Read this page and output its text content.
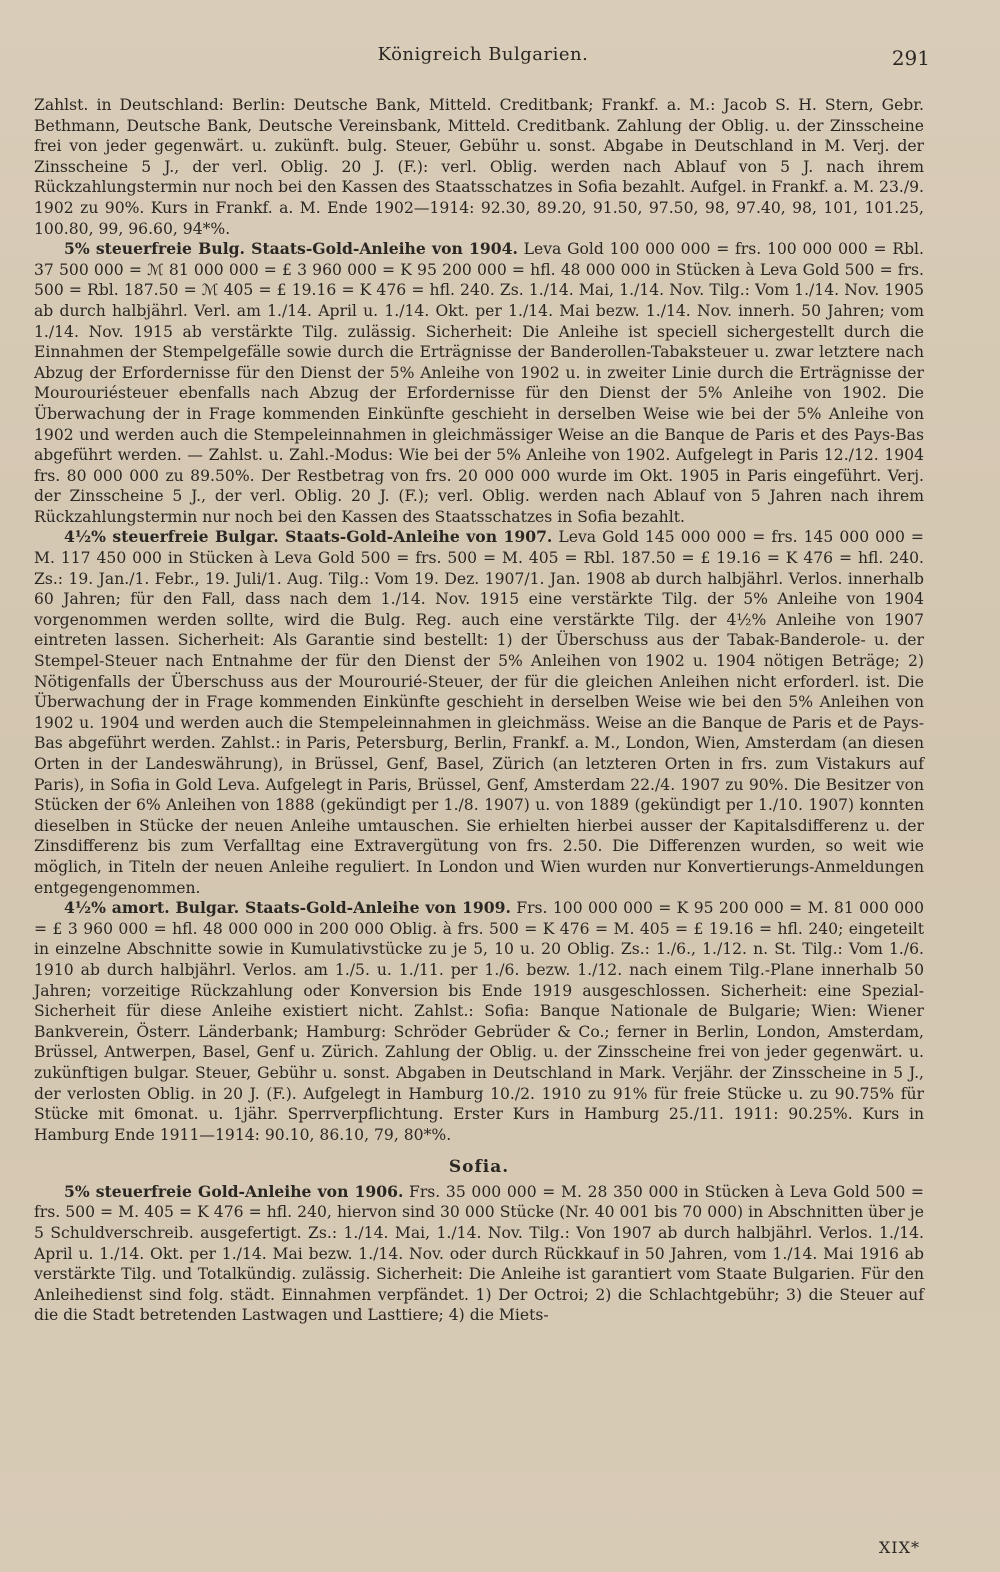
Königreich Bulgarien.	291

Zahlst. in Deutschland: Berlin: Deutsche Bank, Mitteld. Creditbank; Frankf. a. M.: Jacob S. H. Stern, Gebr. Bethmann, Deutsche Bank, Deutsche Vereinsbank, Mitteld. Creditbank. Zahlung der Oblig. u. der Zinsscheine frei von jeder gegenwärt. u. zukünft. bulg. Steuer, Gebühr u. sonst. Abgabe in Deutschland in M. Verj. der Zinsscheine 5 J., der verl. Oblig. 20 J. (F.): verl. Oblig. werden nach Ablauf von 5 J. nach ihrem Rückzahlungstermin nur noch bei den Kassen des Staatsschatzes in Sofia bezahlt. Aufgel. in Frankf. a. M. 23./9. 1902 zu 90%. Kurs in Frankf. a. M. Ende 1902—1914: 92.30, 89.20, 91.50, 97.50, 98, 97.40, 98, 101, 101.25, 100.80, 99, 96.60, 94*%.

5% steuerfreie Bulg. Staats-Gold-Anleihe von 1904. Leva Gold 100 000 000 = frs. 100 000 000 = Rbl. 37 500 000 = ℳ 81 000 000 = £ 3 960 000 = K 95 200 000 = hfl. 48 000 000 in Stücken à Leva Gold 500 = frs. 500 = Rbl. 187.50 = ℳ 405 = £ 19.16 = K 476 = hfl. 240. Zs. 1./14. Mai, 1./14. Nov. Tilg.: Vom 1./14. Nov. 1905 ab durch halbjährl. Verl. am 1./14. April u. 1./14. Okt. per 1./14. Mai bezw. 1./14. Nov. innerh. 50 Jahren; vom 1./14. Nov. 1915 ab verstärkte Tilg. zulässig. Sicherheit: Die Anleihe ist speciell sichergestellt durch die Einnahmen der Stempelgefälle sowie durch die Erträgnisse der Banderollen-Tabaksteuer u. zwar letztere nach Abzug der Erfordernisse für den Dienst der 5% Anleihe von 1902 u. in zweiter Linie durch die Erträgnisse der Mourouriésteuer ebenfalls nach Abzug der Erfordernisse für den Dienst der 5% Anleihe von 1902. Die Überwachung der in Frage kommenden Einkünfte geschieht in derselben Weise wie bei der 5% Anleihe von 1902 und werden auch die Stempeleinnahmen in gleichmässiger Weise an die Banque de Paris et des Pays-Bas abgeführt werden. — Zahlst. u. Zahl.-Modus: Wie bei der 5% Anleihe von 1902. Aufgelegt in Paris 12./12. 1904 frs. 80 000 000 zu 89.50%. Der Restbetrag von frs. 20 000 000 wurde im Okt. 1905 in Paris eingeführt. Verj. der Zinsscheine 5 J., der verl. Oblig. 20 J. (F.); verl. Oblig. werden nach Ablauf von 5 Jahren nach ihrem Rückzahlungstermin nur noch bei den Kassen des Staatsschatzes in Sofia bezahlt.

4½% steuerfreie Bulgar. Staats-Gold-Anleihe von 1907. Leva Gold 145 000 000 = frs. 145 000 000 = M. 117 450 000 in Stücken à Leva Gold 500 = frs. 500 = M. 405 = Rbl. 187.50 = £ 19.16 = K 476 = hfl. 240. Zs.: 19. Jan./1. Febr., 19. Juli/1. Aug. Tilg.: Vom 19. Dez. 1907/1. Jan. 1908 ab durch halbjährl. Verlos. innerhalb 60 Jahren; für den Fall, dass nach dem 1./14. Nov. 1915 eine verstärkte Tilg. der 5% Anleihe von 1904 vorgenommen werden sollte, wird die Bulg. Reg. auch eine verstärkte Tilg. der 4½% Anleihe von 1907 eintreten lassen. Sicherheit: Als Garantie sind bestellt: 1) der Überschuss aus der Tabak-Banderole- u. der Stempel-Steuer nach Entnahme der für den Dienst der 5% Anleihen von 1902 u. 1904 nötigen Beträge; 2) Nötigenfalls der Überschuss aus der Mourourié-Steuer, der für die gleichen Anleihen nicht erforderl. ist. Die Überwachung der in Frage kommenden Einkünfte geschieht in derselben Weise wie bei den 5% Anleihen von 1902 u. 1904 und werden auch die Stempeleinnahmen in gleichmäss. Weise an die Banque de Paris et de Pays-Bas abgeführt werden. Zahlst.: in Paris, Petersburg, Berlin, Frankf. a. M., London, Wien, Amsterdam (an diesen Orten in der Landeswährung), in Brüssel, Genf, Basel, Zürich (an letzteren Orten in frs. zum Vistakurs auf Paris), in Sofia in Gold Leva. Aufgelegt in Paris, Brüssel, Genf, Amsterdam 22./4. 1907 zu 90%. Die Besitzer von Stücken der 6% Anleihen von 1888 (gekündigt per 1./8. 1907) u. von 1889 (gekündigt per 1./10. 1907) konnten dieselben in Stücke der neuen Anleihe umtauschen. Sie erhielten hierbei ausser der Kapitalsdifferenz u. der Zinsdifferenz bis zum Verfalltag eine Extravergütung von frs. 2.50. Die Differenzen wurden, so weit wie möglich, in Titeln der neuen Anleihe reguliert. In London und Wien wurden nur Konvertierungs-Anmeldungen entgegengenommen.

4½% amort. Bulgar. Staats-Gold-Anleihe von 1909. Frs. 100 000 000 = K 95 200 000 = M. 81 000 000 = £ 3 960 000 = hfl. 48 000 000 in 200 000 Oblig. à frs. 500 = K 476 = M. 405 = £ 19.16 = hfl. 240; eingeteilt in einzelne Abschnitte sowie in Kumulativstücke zu je 5, 10 u. 20 Oblig. Zs.: 1./6., 1./12. n. St. Tilg.: Vom 1./6. 1910 ab durch halbjährl. Verlos. am 1./5. u. 1./11. per 1./6. bezw. 1./12. nach einem Tilg.-Plane innerhalb 50 Jahren; vorzeitige Rückzahlung oder Konversion bis Ende 1919 ausgeschlossen. Sicherheit: eine Spezial-Sicherheit für diese Anleihe existiert nicht. Zahlst.: Sofia: Banque Nationale de Bulgarie; Wien: Wiener Bankverein, Österr. Länderbank; Hamburg: Schröder Gebrüder & Co.; ferner in Berlin, London, Amsterdam, Brüssel, Antwerpen, Basel, Genf u. Zürich. Zahlung der Oblig. u. der Zinsscheine frei von jeder gegenwärt. u. zukünftigen bulgar. Steuer, Gebühr u. sonst. Abgaben in Deutschland in Mark. Verjähr. der Zinsscheine in 5 J., der verlosten Oblig. in 20 J. (F.). Aufgelegt in Hamburg 10./2. 1910 zu 91% für freie Stücke u. zu 90.75% für Stücke mit 6monat. u. 1jähr. Sperrverpflichtung. Erster Kurs in Hamburg 25./11. 1911: 90.25%. Kurs in Hamburg Ende 1911—1914: 90.10, 86.10, 79, 80*%.

Sofia.

5% steuerfreie Gold-Anleihe von 1906. Frs. 35 000 000 = M. 28 350 000 in Stücken à Leva Gold 500 = frs. 500 = M. 405 = K 476 = hfl. 240, hiervon sind 30 000 Stücke (Nr. 40 001 bis 70 000) in Abschnitten über je 5 Schuldverschreib. ausgefertigt. Zs.: 1./14. Mai, 1./14. Nov. Tilg.: Von 1907 ab durch halbjährl. Verlos. 1./14. April u. 1./14. Okt. per 1./14. Mai bezw. 1./14. Nov. oder durch Rückkauf in 50 Jahren, vom 1./14. Mai 1916 ab verstärkte Tilg. und Totalkündig. zulässig. Sicherheit: Die Anleihe ist garantiert vom Staate Bulgarien. Für den Anleihedienst sind folg. städt. Einnahmen verpfändet. 1) Der Octroi; 2) die Schlachtgebühr; 3) die Steuer auf die die Stadt betretenden Lastwagen und Lasttiere; 4) die Miets-

XIX*
